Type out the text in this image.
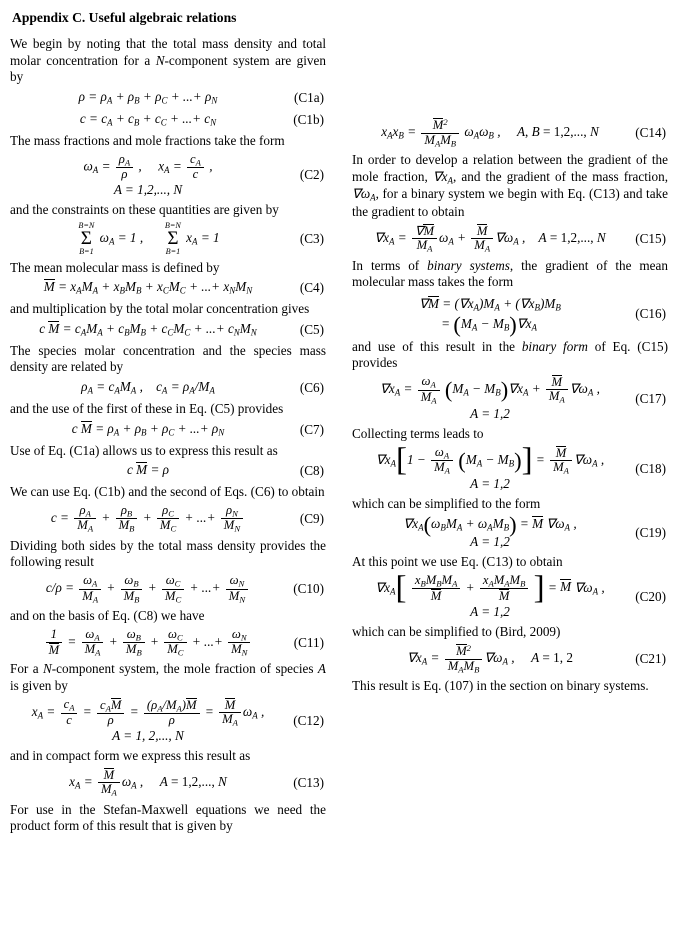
Appendix C. Useful algebraic relations

We begin by noting that the total mass density and total molar concentration for a N-component system are given by

$\rho = \rho_A + \rho_B + \rho_C$ + ...+ $\rho_N$	(C1a)
$c = c_A + c_B + c_C$ + ...+ $c_N$	(C1b)

The mass fractions and mole fractions take the form

$\omega_A = \frac{\rho_A}{\rho}$ ,     $x_A = \frac{c_A}{c}$ ,
A = 1,2,..., N
(C2)

and the constraints on these quantities are given by

B=N
Σ
B=1
$\omega_A = 1$ ,
B=N
Σ
B=1
$x_A = 1$	(C3)

The mean molecular mass is defined by

$M = x_AM_A + x_BM_B + x_CM_C$ + ...+ $x_NM_N$	(C4)

and multiplication by the total molar concentration gives

c $M = c_AM_A + c_BM_B + c_CM_C$ + ...+ $c_NM_N$	(C5)

The species molar concentration and the species mass density are related by

$\rho_A = c_AM_A$ ,    $c_A = \rho_A/M_A$	(C6)

and the use of the first of these in Eq. (C5) provides

c $M = \rho_A + \rho_B + \rho_C$ + ...+ $\rho_N$	(C7)

Use of Eq. (C1a) allows us to express this result as

c M = ρ	(C8)

We can use Eq. (C1b) and the second of Eqs. (C6) to obtain

$c = \frac{\rho_A}{M_A} + \frac{\rho_B}{M_B} + \frac{\rho_C}{M_C}$ + ...+ $\frac{\rho_N}{M_N}$	(C9)

Dividing both sides by the total mass density provides the following result

$c/\rho = \frac{\omega_A}{M_A} + \frac{\omega_B}{M_B} + \frac{\omega_C}{M_C}$ + ...+ $\frac{\omega_N}{M_N}$	(C10)

and on the basis of Eq. (C8) we have

$\frac{1}{M} = \frac{\omega_A}{M_A} + \frac{\omega_B}{M_B} + \frac{\omega_C}{M_C}$ + ...+ $\frac{\omega_N}{M_N}$	(C11)

For a N-component system, the mole fraction of species A is given by

$x_A = \frac{c_A}{c} = \frac{c_AM}{\rho} = \frac{(\rho_A/M_A)M}{\rho} = \frac{M}{M_A} \omega_A$ ,
A = 1, 2,..., N
(C12)

and in compact form we express this result as

$x_A = \frac{M}{M_A} \omega_A$ ,     A = 1,2,..., N	(C13)

For use in the Stefan-Maxwell equations we need the product form of this result that is given by

$x_Ax_B = \frac{M^2}{M_AM_B} \omega_A\omega_B$ ,     A, B = 1,2,..., N	(C14)

In order to develop a relation between the gradient of the mole fraction, $\nabla x_A$, and the gradient of the mass fraction, $\nabla\omega_A$, for a binary system we begin with Eq. (C13) and take the gradient to obtain

$\nabla x_A = \frac{\nabla M}{M_A} \omega_A + \frac{M}{M_A} \nabla\omega_A$ ,    A = 1,2,..., N	(C15)

In terms of binary systems, the gradient of the mean molecular mass takes the form

$\nabla M = (\nabla x_A)M_A + (\nabla x_B)M_B$
= $(M_A - M_B)\nabla x_A$
(C16)

and use of this result in the binary form of Eq. (C15) provides

$\nabla x_A = \frac{\omega_A}{M_A} (M_A - M_B)\nabla x_A + \frac{M}{M_A} \nabla\omega_A$ ,
A = 1,2
(C17)

Collecting terms leads to

$\nabla x_A[1 - \frac{\omega_A}{M_A} (M_A - M_B)] = \frac{M}{M_A} \nabla\omega_A$ ,
A = 1,2
(C18)

which can be simplified to the form

$\nabla x_A(\omega_BM_A + \omega_AM_B) = M$ $\nabla\omega_A$ ,
A = 1,2
(C19)

At this point we use Eq. (C13) to obtain

$\nabla x_A[ \frac{x_BM_BM_A}{M} + \frac{x_AM_AM_B}{M}$ ] = M $\nabla\omega_A$ ,
A = 1,2
(C20)

which can be simplified to (Bird, 2009)

$\nabla x_A = \frac{M^2}{M_AM_B} \nabla\omega_A$ ,     A = 1, 2	(C21)

This result is Eq. (107) in the section on binary systems.
